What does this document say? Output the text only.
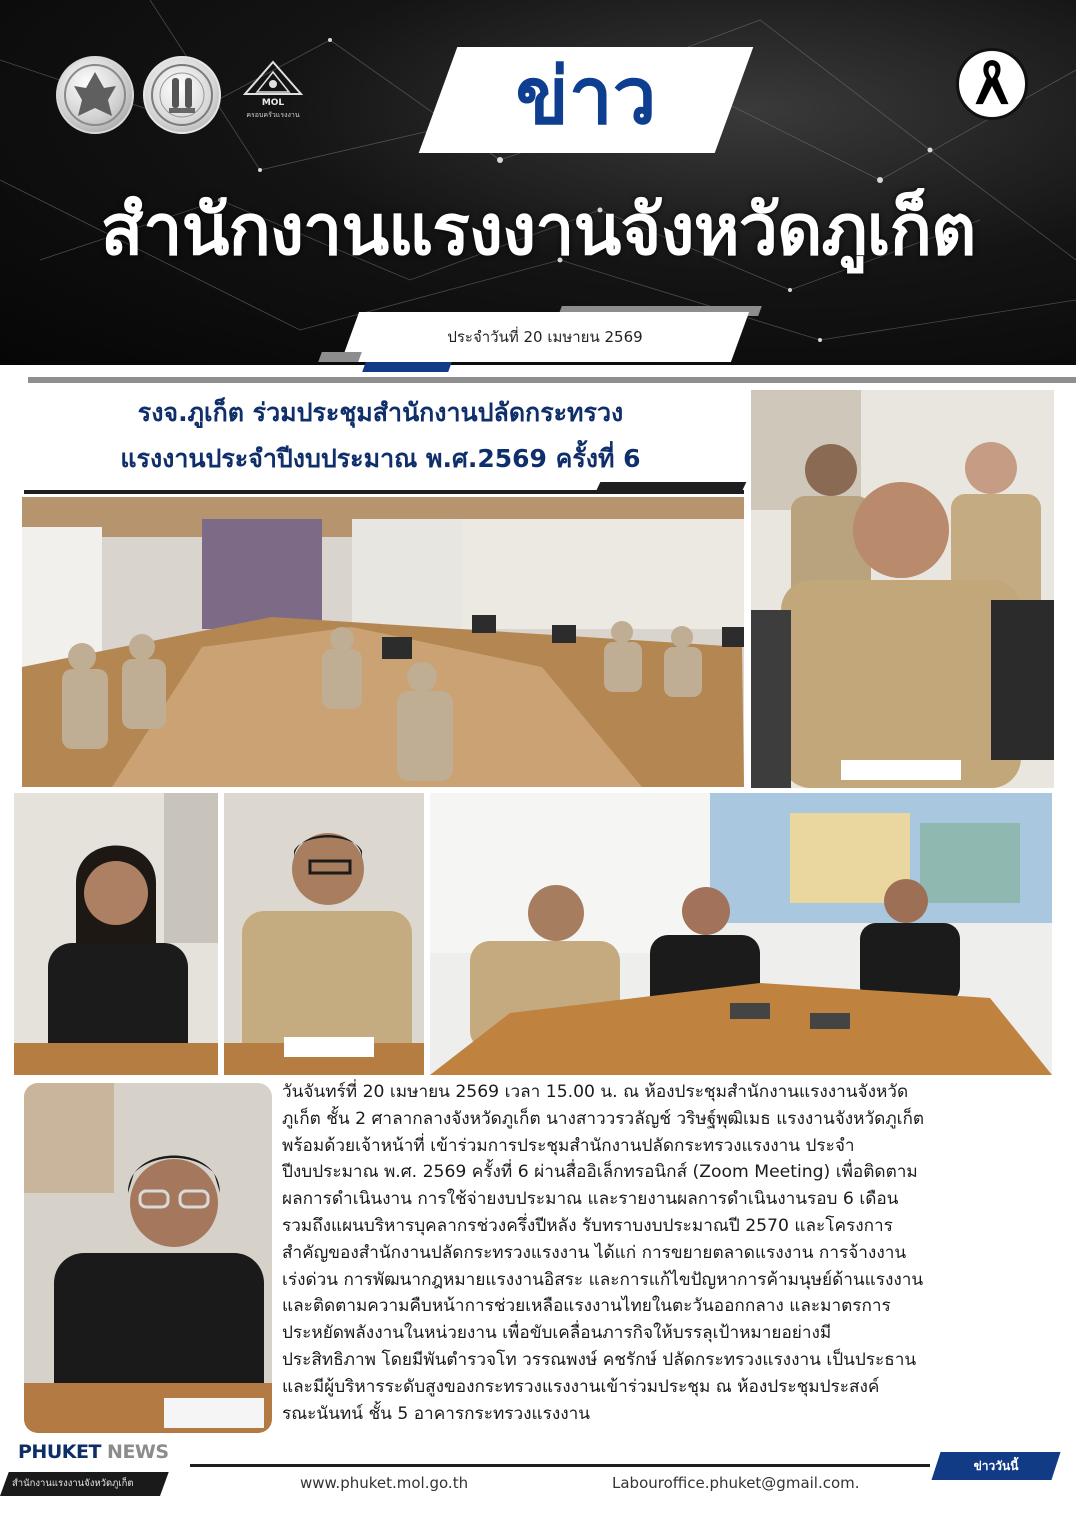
MOL
ครอบครัวแรงงาน	ข่าว
สำนักงานแรงงานจังหวัดภูเก็ต
ประจำวันที่ 20 เมษายน 2569
รงจ.ภูเก็ต ร่วมประชุมสำนักงานปลัดกระทรวง
แรงงานประจำปีงบประมาณ พ.ศ.2569 ครั้งที่ 6
วันจันทร์ที่ 20 เมษายน 2569 เวลา 15.00 น. ณ ห้องประชุมสำนักงานแรงงานจังหวัด
ภูเก็ต ชั้น 2 ศาลากลางจังหวัดภูเก็ต นางสาววรวลัญช์ วริษฐ์พุฒิเมธ แรงงานจังหวัดภูเก็ต
พร้อมด้วยเจ้าหน้าที่ เข้าร่วมการประชุมสำนักงานปลัดกระทรวงแรงงาน ประจำ
ปีงบประมาณ พ.ศ. 2569 ครั้งที่ 6 ผ่านสื่ออิเล็กทรอนิกส์ (Zoom Meeting) เพื่อติดตาม
ผลการดำเนินงาน การใช้จ่ายงบประมาณ และรายงานผลการดำเนินงานรอบ 6 เดือน
รวมถึงแผนบริหารบุคลากรช่วงครึ่งปีหลัง รับทราบงบประมาณปี 2570 และโครงการ
สำคัญของสำนักงานปลัดกระทรวงแรงงาน ได้แก่ การขยายตลาดแรงงาน การจ้างงาน
เร่งด่วน การพัฒนากฎหมายแรงงานอิสระ และการแก้ไขปัญหาการค้ามนุษย์ด้านแรงงาน
และติดตามความคืบหน้าการช่วยเหลือแรงงานไทยในตะวันออกกลาง และมาตรการ
ประหยัดพลังงานในหน่วยงาน เพื่อขับเคลื่อนภารกิจให้บรรลุเป้าหมายอย่างมี
ประสิทธิภาพ โดยมีพันตำรวจโท วรรณพงษ์ คชรักษ์ ปลัดกระทรวงแรงงาน เป็นประธาน
และมีผู้บริหารระดับสูงของกระทรวงแรงงานเข้าร่วมประชุม ณ ห้องประชุมประสงค์
รณะนันทน์ ชั้น 5 อาคารกระทรวงแรงงาน
PHUKET NEWS
สำนักงานแรงงานจังหวัดภูเก็ต	www.phuket.mol.go.th	Labouroffice.phuket@gmail.com.
ข่าววันนี้
